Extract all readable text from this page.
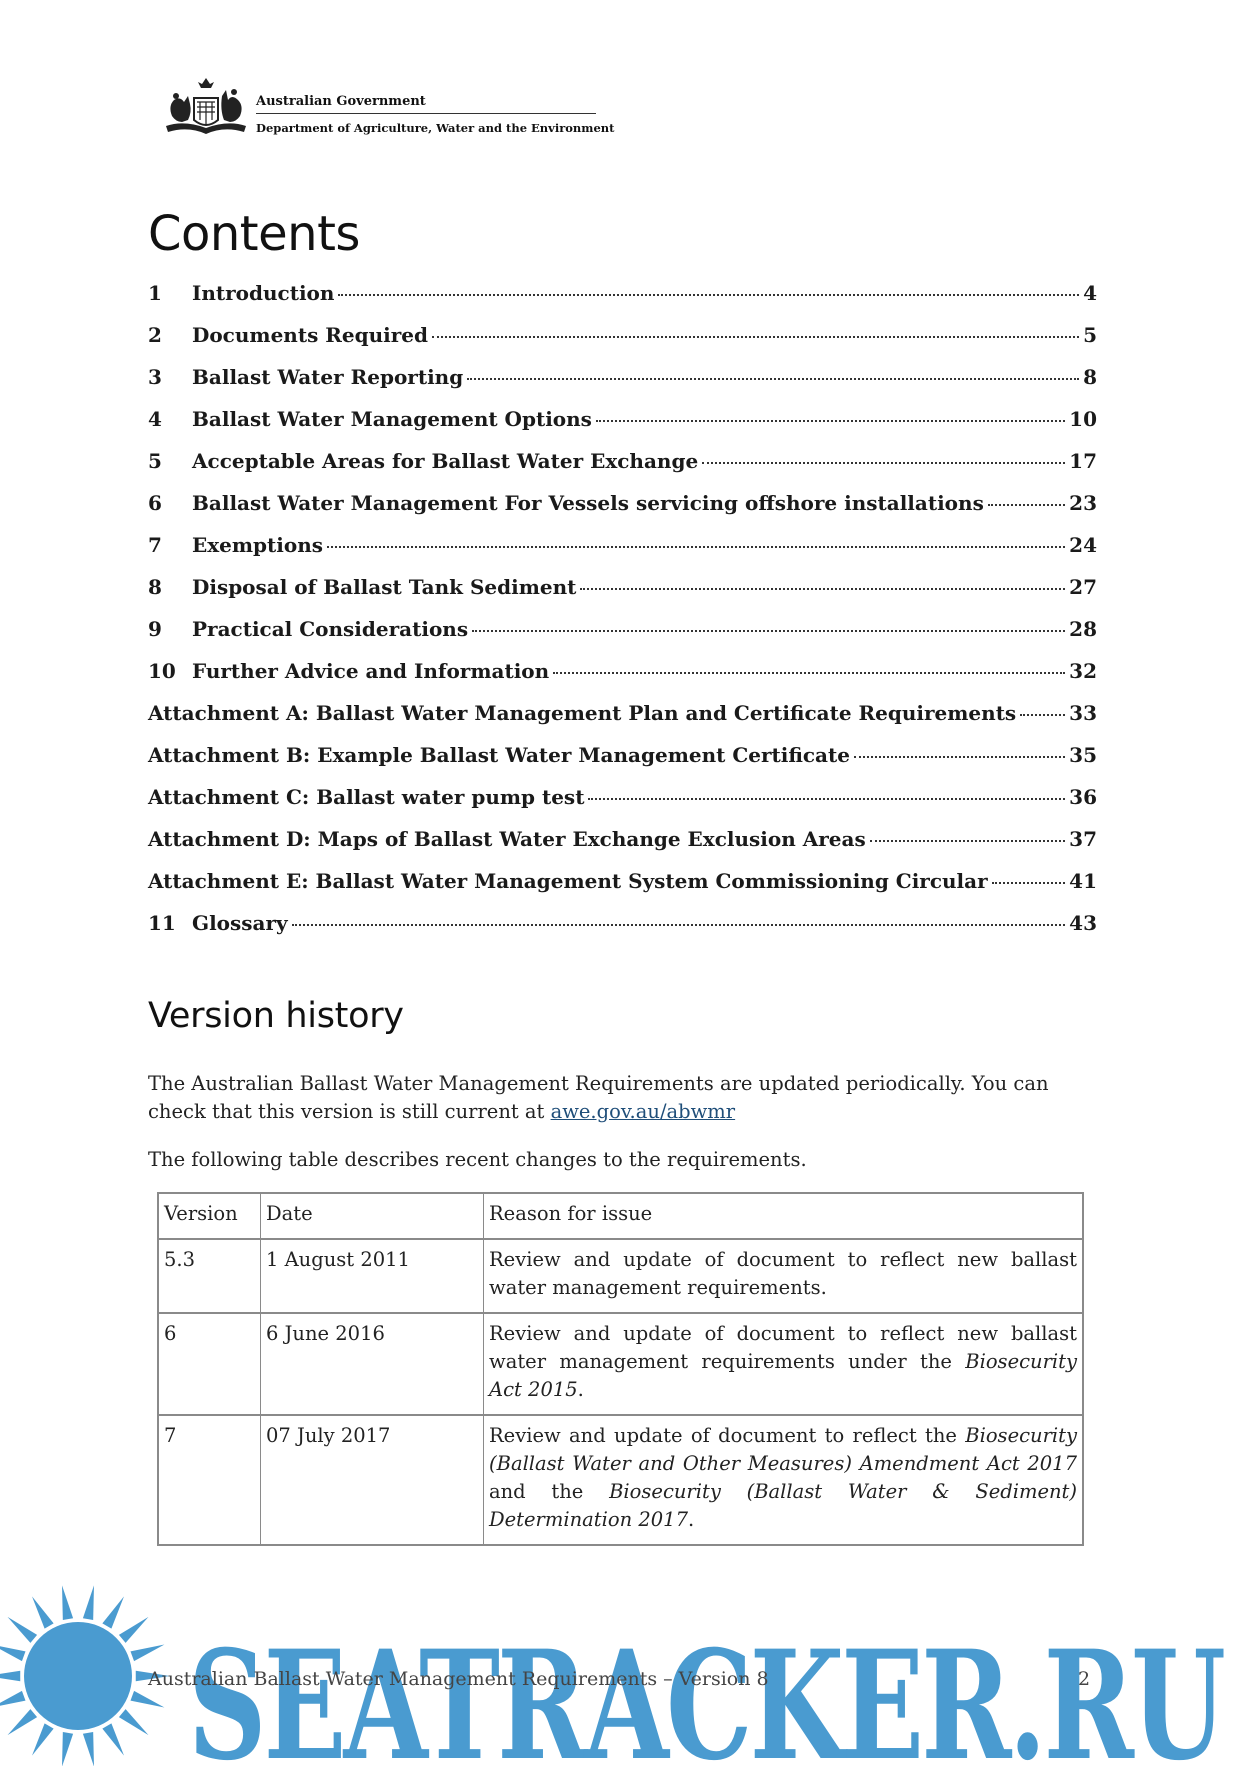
Australian Government
Department of Agriculture, Water and the Environment
Contents
1	Introduction	4
2	Documents Required	5
3	Ballast Water Reporting	8
4	Ballast Water Management Options	10
5	Acceptable Areas for Ballast Water Exchange	17
6	Ballast Water Management For Vessels servicing offshore installations	23
7	Exemptions	24
8	Disposal of Ballast Tank Sediment	27
9	Practical Considerations	28
10 Further Advice and Information	32
Attachment A: Ballast Water Management Plan and Certificate Requirements	33
Attachment B: Example Ballast Water Management Certificate	35
Attachment C: Ballast water pump test	36
Attachment D: Maps of Ballast Water Exchange Exclusion Areas	37
Attachment E: Ballast Water Management System Commissioning Circular	41
11 Glossary	43
Version history

The Australian Ballast Water Management Requirements are updated periodically. You can check that this version is still current at awe.gov.au/abwmr

The following table describes recent changes to the requirements.

Version	Date	Reason for issue
5.3	1 August 2011	Review and update of document to reflect new ballast water management requirements.
6	6 June 2016	Review and update of document to reflect new ballast water management requirements under the Biosecurity Act 2015.
7	07 July 2017	Review and update of document to reflect the Biosecurity (Ballast Water and Other Measures) Amendment Act 2017 and the Biosecurity (Ballast Water & Sediment) Determination 2017.
SEATRACKER.RU
Australian Ballast Water Management Requirements – Version 8	2
